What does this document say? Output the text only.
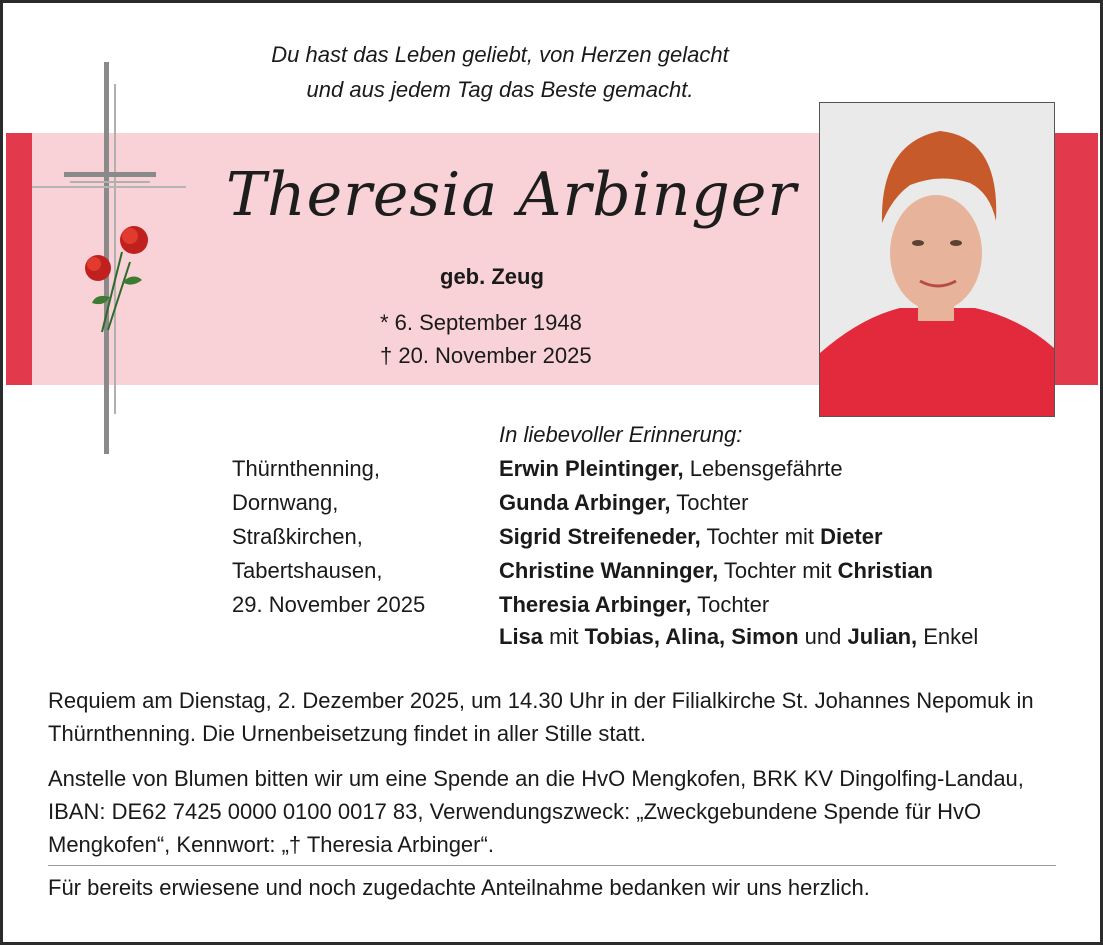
Du hast das Leben geliebt, von Herzen gelacht
und aus jedem Tag das Beste gemacht.
Theresia Arbinger
geb. Zeug
* 6. September 1948
† 20. November 2025
In liebevoller Erinnerung:
Thürnthenning,
Dornwang,
Straßkirchen,
Tabertshausen,
29. November 2025
Erwin Pleintinger, Lebensgefährte
Gunda Arbinger, Tochter
Sigrid Streifeneder, Tochter mit Dieter
Christine Wanninger, Tochter mit Christian
Theresia Arbinger, Tochter
Lisa mit Tobias, Alina, Simon und Julian, Enkel
Requiem am Dienstag, 2. Dezember 2025, um 14.30 Uhr in der Filialkirche St. Johannes Nepomuk in Thürnthenning. Die Urnenbeisetzung findet in aller Stille statt.
Anstelle von Blumen bitten wir um eine Spende an die HvO Mengkofen, BRK KV Dingolfing-Landau, IBAN: DE62 7425 0000 0100 0017 83, Verwendungszweck: „Zweckgebundene Spende für HvO Mengkofen“, Kennwort: „† Theresia Arbinger“.
Für bereits erwiesene und noch zugedachte Anteilnahme bedanken wir uns herzlich.
